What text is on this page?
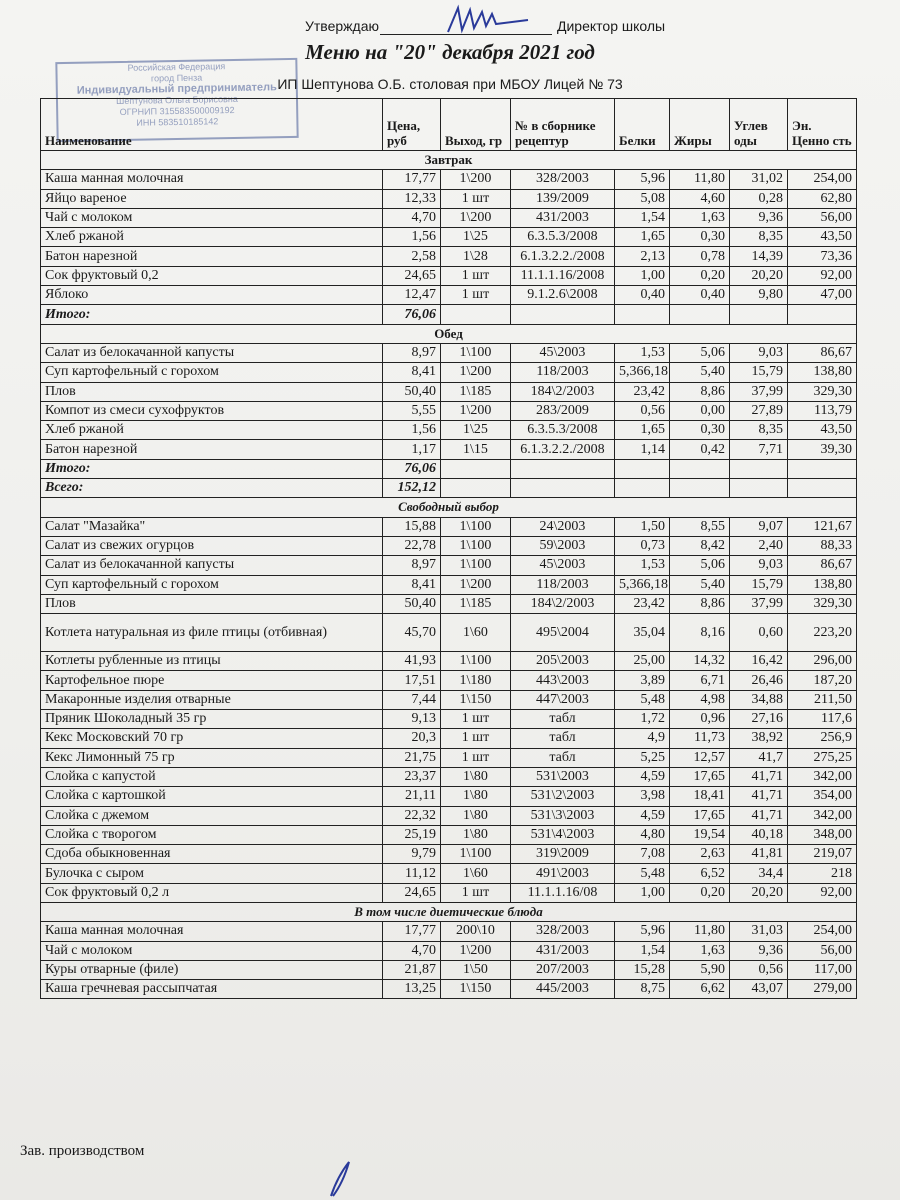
Утверждаю	Директор школы
Российская Федерация
город Пенза
Индивидуальный предприниматель
Шептунова Ольга Борисовна
ОГРНИП 315583500009192
ИНН 583510185142
Меню на "20" декабря 2021 год
ИП Шептунова О.Б. столовая при МБОУ Лицей № 73
Наименование	Цена, руб	Выход, гр	№ в сборнике рецептур	Белки	Жиры	Углев оды	Эн. Ценно сть
Завтрак							
Каша манная молочная	17,77	1\200	328/2003	5,96	11,80	31,02	254,00
Яйцо вареное	12,33	1 шт	139/2009	5,08	4,60	0,28	62,80
Чай с молоком	4,70	1\200	431/2003	1,54	1,63	9,36	56,00
Хлеб ржаной	1,56	1\25	6.3.5.3/2008	1,65	0,30	8,35	43,50
Батон нарезной	2,58	1\28	6.1.3.2.2./2008	2,13	0,78	14,39	73,36
Сок фруктовый 0,2	24,65	1 шт	11.1.1.16/2008	1,00	0,20	20,20	92,00
Яблоко	12,47	1 шт	9.1.2.6\2008	0,40	0,40	9,80	47,00
Итого:	76,06						
Обед							
Салат из белокачанной капусты	8,97	1\100	45\2003	1,53	5,06	9,03	86,67
Суп картофельный с горохом	8,41	1\200	118/2003	5,366,18	5,40	15,79	138,80
Плов	50,40	1\185	184\2/2003	23,42	8,86	37,99	329,30
Компот из смеси сухофруктов	5,55	1\200	283/2009	0,56	0,00	27,89	113,79
Хлеб ржаной	1,56	1\25	6.3.5.3/2008	1,65	0,30	8,35	43,50
Батон нарезной	1,17	1\15	6.1.3.2.2./2008	1,14	0,42	7,71	39,30
Итого:	76,06						
Всего:	152,12						
Свободный выбор							
Салат "Мазайка"	15,88	1\100	24\2003	1,50	8,55	9,07	121,67
Салат из свежих огурцов	22,78	1\100	59\2003	0,73	8,42	2,40	88,33
Салат из белокачанной капусты	8,97	1\100	45\2003	1,53	5,06	9,03	86,67
Суп картофельный с горохом	8,41	1\200	118/2003	5,366,18	5,40	15,79	138,80
Плов	50,40	1\185	184\2/2003	23,42	8,86	37,99	329,30
Котлета натуральная из филе птицы (отбивная)	45,70	1\60	495\2004	35,04	8,16	0,60	223,20
Котлеты рубленные из птицы	41,93	1\100	205\2003	25,00	14,32	16,42	296,00
Картофельное пюре	17,51	1\180	443\2003	3,89	6,71	26,46	187,20
Макаронные изделия отварные	7,44	1\150	447\2003	5,48	4,98	34,88	211,50
Пряник Шоколадный 35 гр	9,13	1 шт	табл	1,72	0,96	27,16	117,6
Кекс Московский 70 гр	20,3	1 шт	табл	4,9	11,73	38,92	256,9
Кекс Лимонный 75 гр	21,75	1 шт	табл	5,25	12,57	41,7	275,25
Слойка с капустой	23,37	1\80	531\2003	4,59	17,65	41,71	342,00
Слойка с картошкой	21,11	1\80	531\2\2003	3,98	18,41	41,71	354,00
Слойка с джемом	22,32	1\80	531\3\2003	4,59	17,65	41,71	342,00
Слойка с творогом	25,19	1\80	531\4\2003	4,80	19,54	40,18	348,00
Сдоба обыкновенная	9,79	1\100	319\2009	7,08	2,63	41,81	219,07
Булочка с сыром	11,12	1\60	491\2003	5,48	6,52	34,4	218
Сок фруктовый 0,2 л	24,65	1 шт	11.1.1.16/08	1,00	0,20	20,20	92,00
В том числе диетические блюда							
Каша манная молочная	17,77	200\10	328/2003	5,96	11,80	31,03	254,00
Чай с молоком	4,70	1\200	431/2003	1,54	1,63	9,36	56,00
Куры отварные (филе)	21,87	1\50	207/2003	15,28	5,90	0,56	117,00
Каша гречневая рассыпчатая	13,25	1\150	445/2003	8,75	6,62	43,07	279,00
Зав. производством
